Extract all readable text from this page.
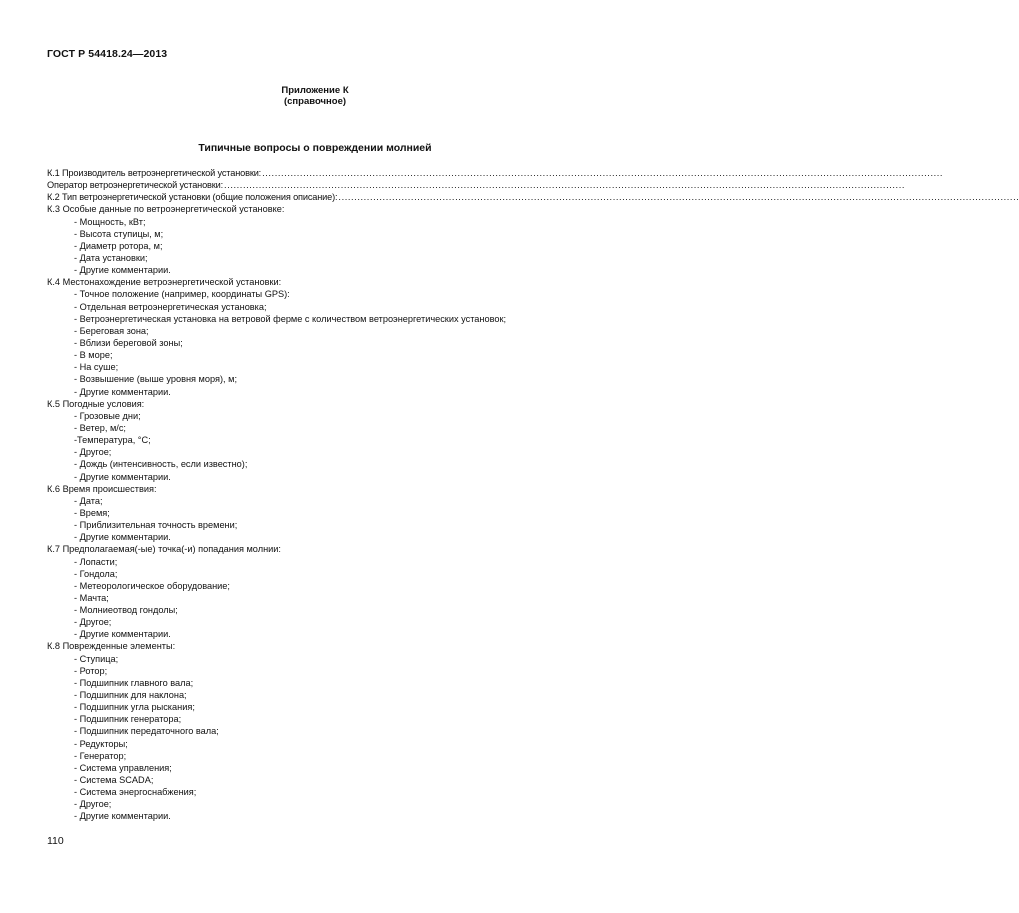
ГОСТ Р 54418.24—2013
Приложение К
(справочное)
Типичные вопросы о повреждении молнией
К.1 Производитель ветроэнергетической установки: ........................................................................................................................................................................................................................
Оператор ветроэнергетической установки: ........................................................................................................................................................................................................................
К.2 Тип ветроэнергетической установки (общие положения описание): ........................................................................................................................................................................................................................
К.3 Особые данные по ветроэнергетической установке:
- Мощность, кВт;
- Высота ступицы, м;
- Диаметр ротора, м;
- Дата установки;
- Другие комментарии.
К.4 Местонахождение ветроэнергетической установки:
- Точное положение (например, координаты GPS):
- Отдельная ветроэнергетическая установка;
- Ветроэнергетическая установка на ветровой ферме с количеством ветроэнергетических установок;
- Береговая зона;
- Вблизи береговой зоны;
- В море;
- На суше;
- Возвышение (выше уровня моря), м;
- Другие комментарии.
К.5 Погодные условия:
- Грозовые дни;
- Ветер, м/с;
-Температура, °С;
- Другое;
- Дождь (интенсивность, если известно);
- Другие комментарии.
К.6 Время происшествия:
- Дата;
- Время;
- Приблизительная точность времени;
- Другие комментарии.
К.7 Предполагаемая(-ые) точка(-и) попадания молнии:
- Лопасти;
- Гондола;
- Метеорологическое оборудование;
- Мачта;
- Молниеотвод гондолы;
- Другое;
- Другие комментарии.
К.8 Поврежденные элементы:
- Ступица;
- Ротор;
- Подшипник главного вала;
- Подшипник для наклона;
- Подшипник угла рыскания;
- Подшипник генератора;
- Подшипник передаточного вала;
- Редукторы;
- Генератор;
- Система управления;
- Система SCADA;
- Система энергоснабжения;
- Другое;
- Другие комментарии.
110
